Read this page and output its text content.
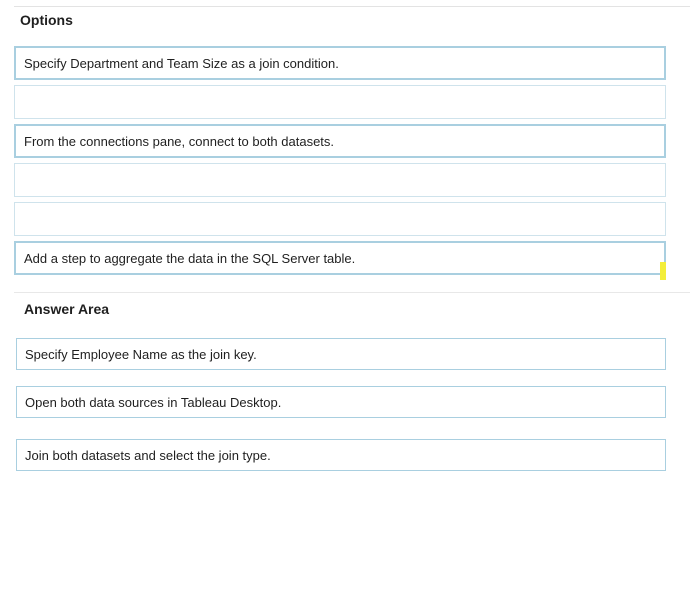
Options
Specify Department and Team Size as a join condition.
From the connections pane, connect to both datasets.
Add a step to aggregate the data in the SQL Server table.
Answer Area
Specify Employee Name as the join key.
Open both data sources in Tableau Desktop.
Join both datasets and select the join type.
